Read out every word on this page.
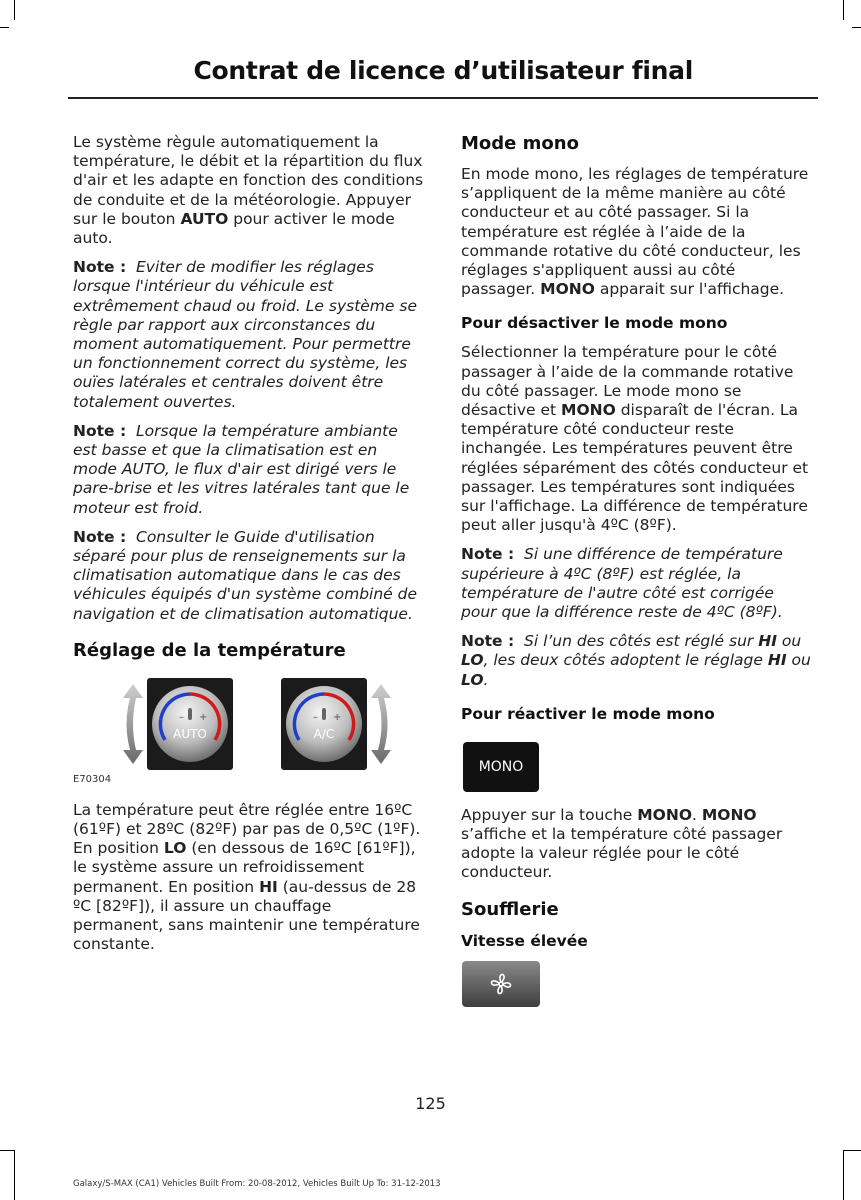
Contrat de licence d’utilisateur final

Le système règule automatiquement la température, le débit et la répartition du flux d'air et les adapte en fonction des conditions de conduite et de la météorologie. Appuyer sur le bouton AUTO pour activer le mode auto.

Note : Eviter de modifier les réglages lorsque l'intérieur du véhicule est extrêmement chaud ou froid. Le système se règle par rapport aux circonstances du moment automatiquement. Pour permettre un fonctionnement correct du système, les ouïes latérales et centrales doivent être totalement ouvertes.

Note : Lorsque la température ambiante est basse et que la climatisation est en mode AUTO, le flux d'air est dirigé vers le pare-brise et les vitres latérales tant que le moteur est froid.

Note : Consulter le Guide d'utilisation séparé pour plus de renseignements sur la climatisation automatique dans le cas des véhicules équipés d'un système combiné de navigation et de climatisation automatique.

Réglage de la température
– +
AUTO
– +
A/C
E70304

La température peut être réglée entre 16ºC (61ºF) et 28ºC (82ºF) par pas de 0,5ºC (1ºF). En position LO (en dessous de 16ºC [61ºF]), le système assure un refroidissement permanent. En position HI (au-dessus de 28 ºC [82ºF]), il assure un chauffage permanent, sans maintenir une température constante.

Mode mono

En mode mono, les réglages de température s’appliquent de la même manière au côté conducteur et au côté passager. Si la température est réglée à l’aide de la commande rotative du côté conducteur, les réglages s'appliquent aussi au côté passager. MONO apparait sur l'affichage.

Pour désactiver le mode mono

Sélectionner la température pour le côté passager à l’aide de la commande rotative du côté passager. Le mode mono se désactive et MONO disparaît de l'écran. La température côté conducteur reste inchangée. Les températures peuvent être réglées séparément des côtés conducteur et passager. Les températures sont indiquées sur l'affichage. La différence de température peut aller jusqu'à 4ºC (8ºF).

Note : Si une différence de température supérieure à 4ºC (8ºF) est réglée, la température de l'autre côté est corrigée pour que la différence reste de 4ºC (8ºF).

Note : Si l’un des côtés est réglé sur HI ou LO, les deux côtés adoptent le réglage HI ou LO.

Pour réactiver le mode mono
MONO

Appuyer sur la touche MONO. MONO s’affiche et la température côté passager adopte la valeur réglée pour le côté conducteur.

Soufflerie
Vitesse élevée
125
Galaxy/S-MAX (CA1) Vehicles Built From: 20-08-2012, Vehicles Built Up To: 31-12-2013
